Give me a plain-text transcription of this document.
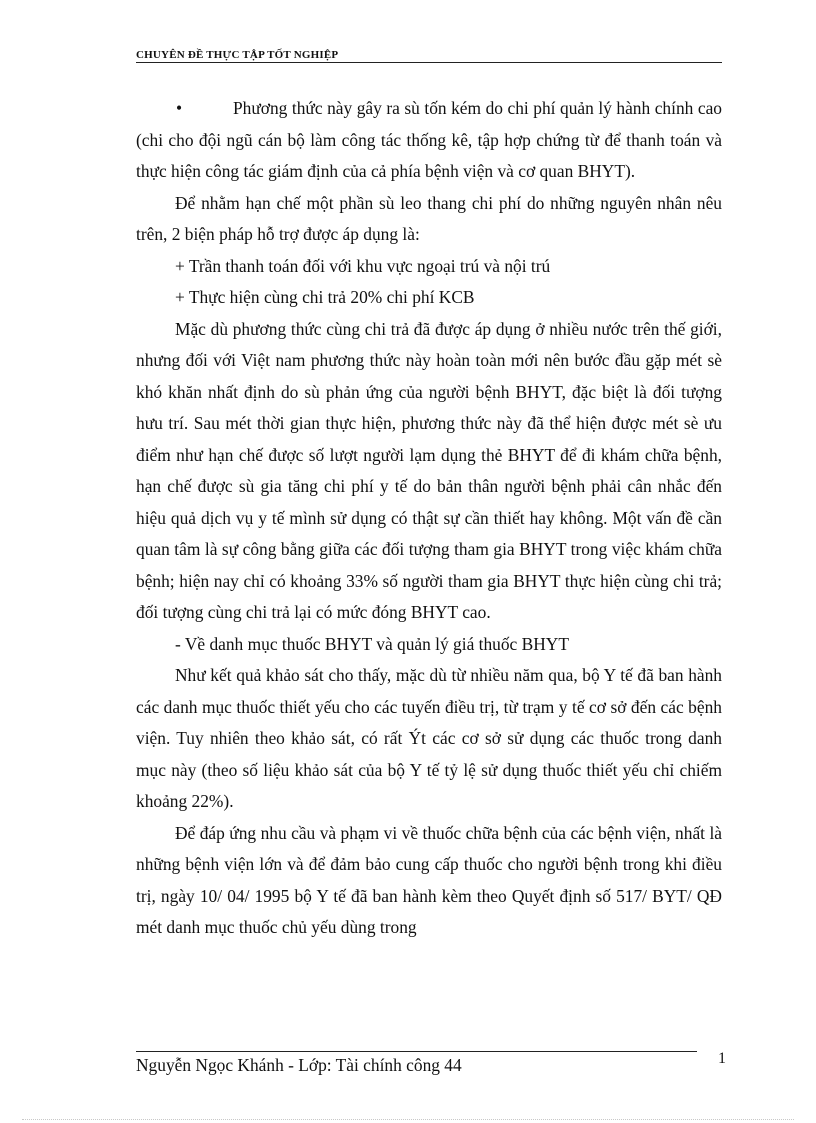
CHUYÊN ĐỀ THỰC TẬP TỐT NGHIỆP

•	Phương thức này gây ra sù tốn kém do chi phí quản lý hành chính cao (chi cho đội ngũ cán bộ làm công tác thống kê, tập hợp chứng từ để thanh toán và thực hiện công tác giám định của cả phía bệnh viện và cơ quan BHYT).

Để nhằm hạn chế một phần sù leo thang chi phí do những nguyên nhân nêu trên, 2 biện pháp hỗ trợ được áp dụng là:

+ Trần thanh toán đối với khu vực ngoại trú và nội trú

+ Thực hiện cùng chi trả 20% chi phí KCB

Mặc dù phương thức cùng chi trả đã được áp dụng ở nhiều nước trên thế giới, nhưng đối với Việt nam phương thức này hoàn toàn mới nên bước đầu gặp mét sè khó khăn nhất định do sù phản ứng của người bệnh BHYT, đặc biệt là đối tượng hưu trí. Sau mét thời gian thực hiện, phương thức này đã thể hiện được mét sè ưu điểm như hạn chế được số lượt người lạm dụng thẻ BHYT để đi khám chữa bệnh, hạn chế được sù gia tăng chi phí y tế do bản thân người bệnh phải cân nhắc đến hiệu quả dịch vụ y tế mình sử dụng có thật sự cần thiết hay không. Một vấn đề cần quan tâm là sự công bằng giữa các đối tượng tham gia BHYT trong việc khám chữa bệnh; hiện nay chỉ có khoảng 33% số người tham gia BHYT thực hiện cùng chi trả; đối tượng cùng chi trả lại có mức đóng BHYT cao.

- Về danh mục thuốc BHYT và quản lý giá thuốc BHYT

Như kết quả khảo sát cho thấy, mặc dù từ nhiều năm qua, bộ Y tế đã ban hành các danh mục thuốc thiết yếu cho các tuyến điều trị, từ trạm y tế cơ sở đến các bệnh viện. Tuy nhiên theo khảo sát, có rất Ýt các cơ sở sử dụng các thuốc trong danh mục này (theo số liệu khảo sát của bộ Y tế tỷ lệ sử dụng thuốc thiết yếu chỉ chiếm khoảng 22%).

Để đáp ứng nhu cầu và phạm vi về thuốc chữa bệnh của các bệnh viện, nhất là những bệnh viện lớn và để đảm bảo cung cấp thuốc cho người bệnh trong khi điều trị, ngày 10/ 04/ 1995 bộ Y tế đã ban hành kèm theo Quyết định số 517/ BYT/ QĐ mét danh mục thuốc chủ yếu dùng trong

Nguyễn Ngọc Khánh - Lớp: Tài chính công 44	1
